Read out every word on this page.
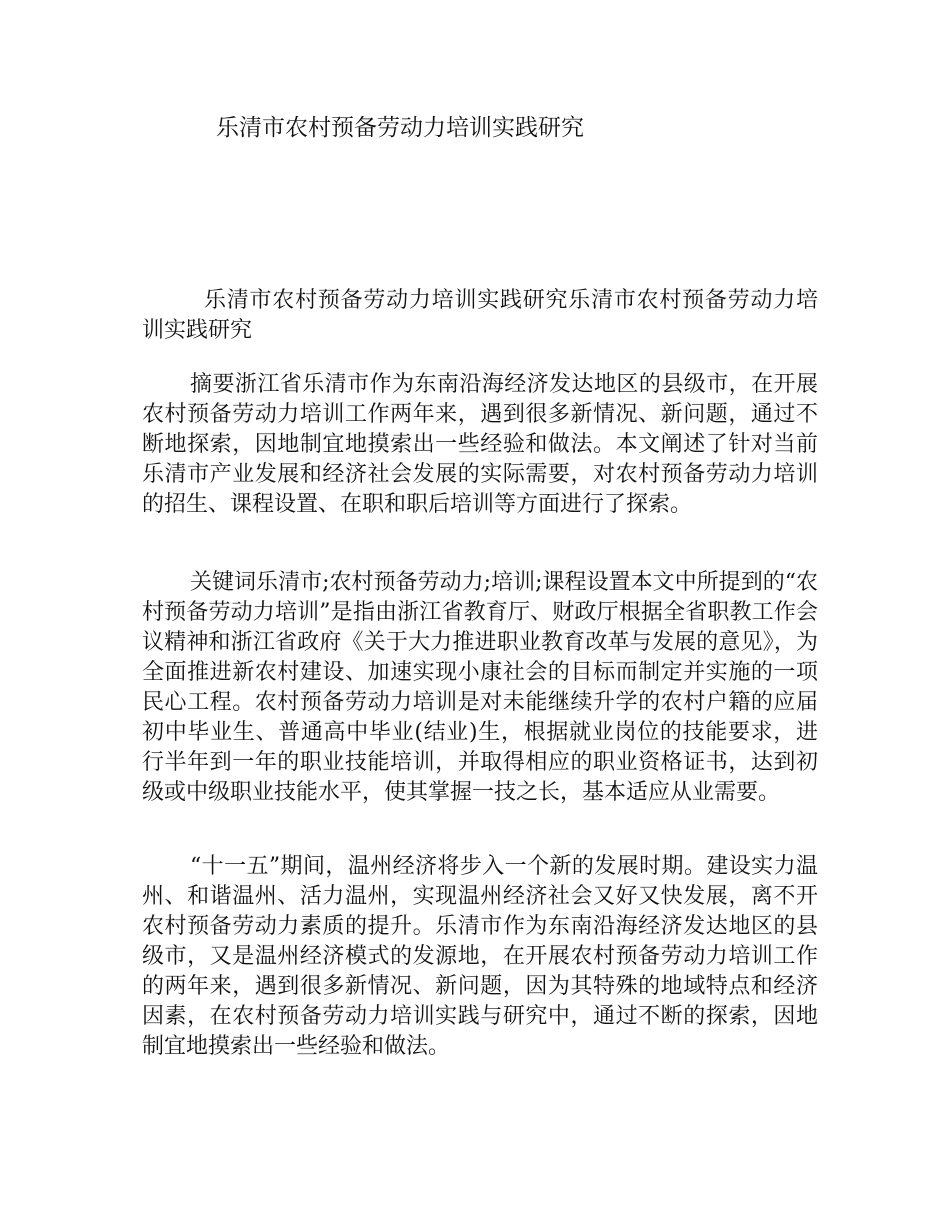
乐清市农村预备劳动力培训实践研究

乐清市农村预备劳动力培训实践研究乐清市农村预备劳动力培训实践研究

摘要浙江省乐清市作为东南沿海经济发达地区的县级市，在开展农村预备劳动力培训工作两年来，遇到很多新情况、新问题，通过不断地探索，因地制宜地摸索出一些经验和做法。本文阐述了针对当前乐清市产业发展和经济社会发展的实际需要，对农村预备劳动力培训的招生、课程设置、在职和职后培训等方面进行了探索。

关键词乐清市;农村预备劳动力;培训;课程设置本文中所提到的“农村预备劳动力培训”是指由浙江省教育厅、财政厅根据全省职教工作会议精神和浙江省政府《关于大力推进职业教育改革与发展的意见》，为全面推进新农村建设、加速实现小康社会的目标而制定并实施的一项民心工程。农村预备劳动力培训是对未能继续升学的农村户籍的应届初中毕业生、普通高中毕业(结业)生，根据就业岗位的技能要求，进行半年到一年的职业技能培训，并取得相应的职业资格证书，达到初级或中级职业技能水平，使其掌握一技之长，基本适应从业需要。

“十一五”期间，温州经济将步入一个新的发展时期。建设实力温州、和谐温州、活力温州，实现温州经济社会又好又快发展，离不开农村预备劳动力素质的提升。乐清市作为东南沿海经济发达地区的县级市，又是温州经济模式的发源地，在开展农村预备劳动力培训工作的两年来，遇到很多新情况、新问题，因为其特殊的地域特点和经济因素，在农村预备劳动力培训实践与研究中，通过不断的探索，因地制宜地摸索出一些经验和做法。
